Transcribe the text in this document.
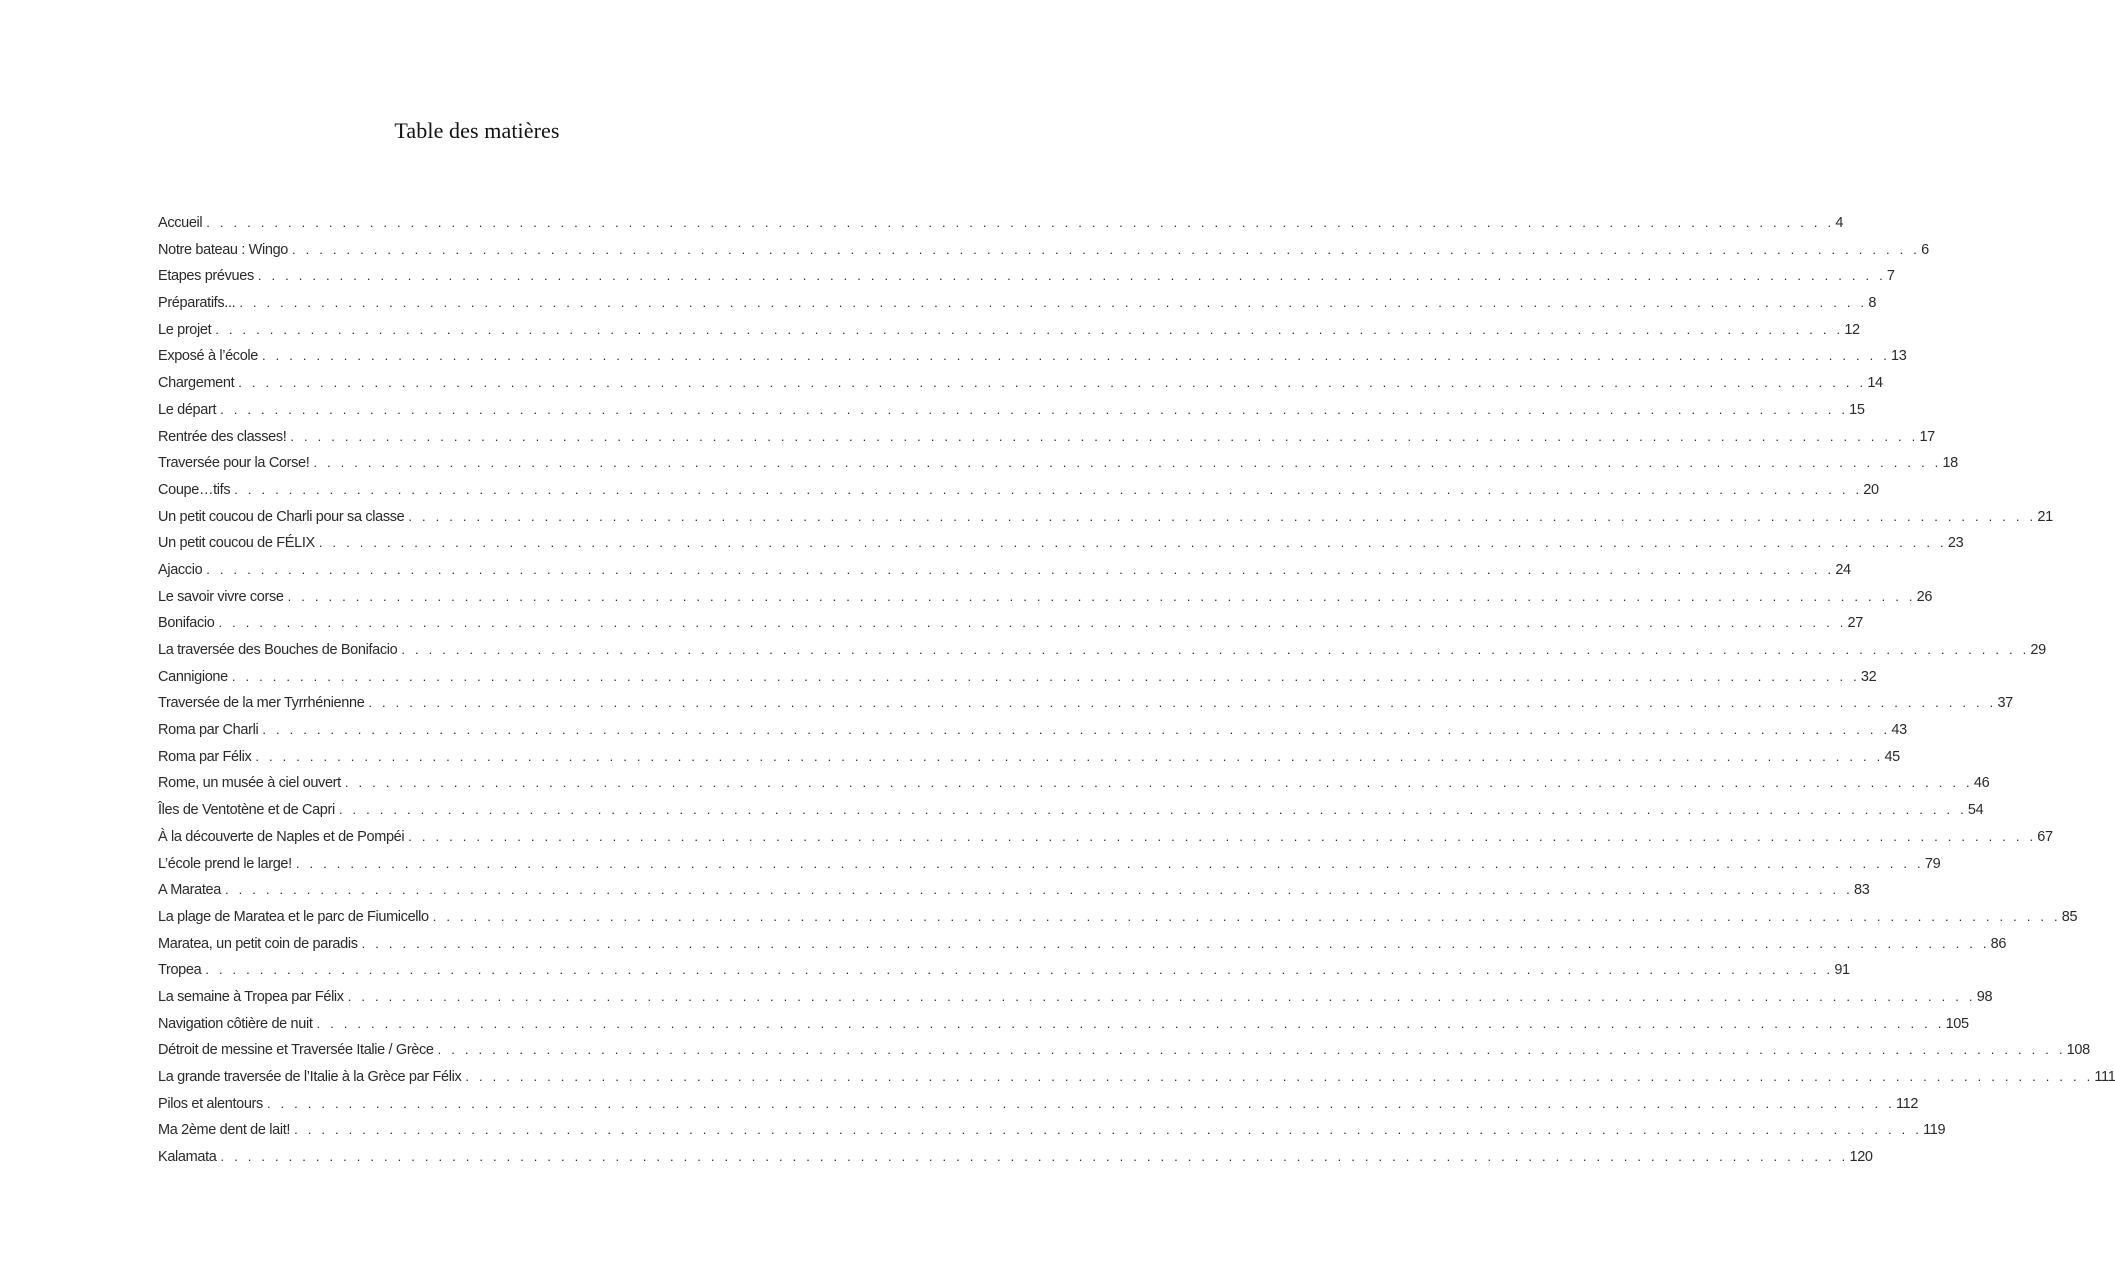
Table des matières
Accueil . . . . . . . . . . . . . . . . . . . . . . . . . . . . . . . . . . . . . . . . . . . . . . . . . . . . . . . . . . . . . . . . . . . . . . . . . . . . . . . . . . . . . . . . . . . . . . . . . . . . . . . . . . . . . . . . . . . . . . . . 4
Notre bateau : Wingo . . . . . . . . . . . . . . . . . . . . . . . . . . . . . . . . . . . . . . . . . . . . . . . . . . . . . . . . . . . . . . . . . . . . . . . . . . . . . . . . . . . . . . . . . . . . . . . . . . . . . . . . . . . . . . . . . . . . . . . . 6
Etapes prévues . . . . . . . . . . . . . . . . . . . . . . . . . . . . . . . . . . . . . . . . . . . . . . . . . . . . . . . . . . . . . . . . . . . . . . . . . . . . . . . . . . . . . . . . . . . . . . . . . . . . . . . . . . . . . . . . . . . . . . . . 7
Préparatifs... . . . . . . . . . . . . . . . . . . . . . . . . . . . . . . . . . . . . . . . . . . . . . . . . . . . . . . . . . . . . . . . . . . . . . . . . . . . . . . . . . . . . . . . . . . . . . . . . . . . . . . . . . . . . . . . . . . . . . . . . 8
Le projet . . . . . . . . . . . . . . . . . . . . . . . . . . . . . . . . . . . . . . . . . . . . . . . . . . . . . . . . . . . . . . . . . . . . . . . . . . . . . . . . . . . . . . . . . . . . . . . . . . . . . . . . . . . . . . . . . . . . . . . . 12
Exposé à l’école . . . . . . . . . . . . . . . . . . . . . . . . . . . . . . . . . . . . . . . . . . . . . . . . . . . . . . . . . . . . . . . . . . . . . . . . . . . . . . . . . . . . . . . . . . . . . . . . . . . . . . . . . . . . . . . . . . . . . . . . 13
Chargement . . . . . . . . . . . . . . . . . . . . . . . . . . . . . . . . . . . . . . . . . . . . . . . . . . . . . . . . . . . . . . . . . . . . . . . . . . . . . . . . . . . . . . . . . . . . . . . . . . . . . . . . . . . . . . . . . . . . . . . . 14
Le départ . . . . . . . . . . . . . . . . . . . . . . . . . . . . . . . . . . . . . . . . . . . . . . . . . . . . . . . . . . . . . . . . . . . . . . . . . . . . . . . . . . . . . . . . . . . . . . . . . . . . . . . . . . . . . . . . . . . . . . . . 15
Rentrée des classes! . . . . . . . . . . . . . . . . . . . . . . . . . . . . . . . . . . . . . . . . . . . . . . . . . . . . . . . . . . . . . . . . . . . . . . . . . . . . . . . . . . . . . . . . . . . . . . . . . . . . . . . . . . . . . . . . . . . . . . . . 17
Traversée pour la Corse! . . . . . . . . . . . . . . . . . . . . . . . . . . . . . . . . . . . . . . . . . . . . . . . . . . . . . . . . . . . . . . . . . . . . . . . . . . . . . . . . . . . . . . . . . . . . . . . . . . . . . . . . . . . . . . . . . . . . . . . . 18
Coupe…tifs . . . . . . . . . . . . . . . . . . . . . . . . . . . . . . . . . . . . . . . . . . . . . . . . . . . . . . . . . . . . . . . . . . . . . . . . . . . . . . . . . . . . . . . . . . . . . . . . . . . . . . . . . . . . . . . . . . . . . . . . 20
Un petit coucou de Charli pour sa classe . . . . . . . . . . . . . . . . . . . . . . . . . . . . . . . . . . . . . . . . . . . . . . . . . . . . . . . . . . . . . . . . . . . . . . . . . . . . . . . . . . . . . . . . . . . . . . . . . . . . . . . . . . . . . . . . . . . . . . . . 21
Un petit coucou de FÉLIX . . . . . . . . . . . . . . . . . . . . . . . . . . . . . . . . . . . . . . . . . . . . . . . . . . . . . . . . . . . . . . . . . . . . . . . . . . . . . . . . . . . . . . . . . . . . . . . . . . . . . . . . . . . . . . . . . . . . . . . . 23
Ajaccio . . . . . . . . . . . . . . . . . . . . . . . . . . . . . . . . . . . . . . . . . . . . . . . . . . . . . . . . . . . . . . . . . . . . . . . . . . . . . . . . . . . . . . . . . . . . . . . . . . . . . . . . . . . . . . . . . . . . . . . . 24
Le savoir vivre corse . . . . . . . . . . . . . . . . . . . . . . . . . . . . . . . . . . . . . . . . . . . . . . . . . . . . . . . . . . . . . . . . . . . . . . . . . . . . . . . . . . . . . . . . . . . . . . . . . . . . . . . . . . . . . . . . . . . . . . . . 26
Bonifacio . . . . . . . . . . . . . . . . . . . . . . . . . . . . . . . . . . . . . . . . . . . . . . . . . . . . . . . . . . . . . . . . . . . . . . . . . . . . . . . . . . . . . . . . . . . . . . . . . . . . . . . . . . . . . . . . . . . . . . . . 27
La traversée des Bouches de Bonifacio . . . . . . . . . . . . . . . . . . . . . . . . . . . . . . . . . . . . . . . . . . . . . . . . . . . . . . . . . . . . . . . . . . . . . . . . . . . . . . . . . . . . . . . . . . . . . . . . . . . . . . . . . . . . . . . . . . . . . . . . 29
Cannigione . . . . . . . . . . . . . . . . . . . . . . . . . . . . . . . . . . . . . . . . . . . . . . . . . . . . . . . . . . . . . . . . . . . . . . . . . . . . . . . . . . . . . . . . . . . . . . . . . . . . . . . . . . . . . . . . . . . . . . . . 32
Traversée de la mer Tyrrhénienne . . . . . . . . . . . . . . . . . . . . . . . . . . . . . . . . . . . . . . . . . . . . . . . . . . . . . . . . . . . . . . . . . . . . . . . . . . . . . . . . . . . . . . . . . . . . . . . . . . . . . . . . . . . . . . . . . . . . . . . . 37
Roma par Charli . . . . . . . . . . . . . . . . . . . . . . . . . . . . . . . . . . . . . . . . . . . . . . . . . . . . . . . . . . . . . . . . . . . . . . . . . . . . . . . . . . . . . . . . . . . . . . . . . . . . . . . . . . . . . . . . . . . . . . . . 43
Roma par Félix . . . . . . . . . . . . . . . . . . . . . . . . . . . . . . . . . . . . . . . . . . . . . . . . . . . . . . . . . . . . . . . . . . . . . . . . . . . . . . . . . . . . . . . . . . . . . . . . . . . . . . . . . . . . . . . . . . . . . . . . 45
Rome, un musée à ciel ouvert . . . . . . . . . . . . . . . . . . . . . . . . . . . . . . . . . . . . . . . . . . . . . . . . . . . . . . . . . . . . . . . . . . . . . . . . . . . . . . . . . . . . . . . . . . . . . . . . . . . . . . . . . . . . . . . . . . . . . . . . 46
Îles de Ventotène et de Capri . . . . . . . . . . . . . . . . . . . . . . . . . . . . . . . . . . . . . . . . . . . . . . . . . . . . . . . . . . . . . . . . . . . . . . . . . . . . . . . . . . . . . . . . . . . . . . . . . . . . . . . . . . . . . . . . . . . . . . . . 54
À la découverte de Naples et de Pompéi . . . . . . . . . . . . . . . . . . . . . . . . . . . . . . . . . . . . . . . . . . . . . . . . . . . . . . . . . . . . . . . . . . . . . . . . . . . . . . . . . . . . . . . . . . . . . . . . . . . . . . . . . . . . . . . . . . . . . . . . 67
L’école prend le large! . . . . . . . . . . . . . . . . . . . . . . . . . . . . . . . . . . . . . . . . . . . . . . . . . . . . . . . . . . . . . . . . . . . . . . . . . . . . . . . . . . . . . . . . . . . . . . . . . . . . . . . . . . . . . . . . . . . . . . . . 79
A Maratea . . . . . . . . . . . . . . . . . . . . . . . . . . . . . . . . . . . . . . . . . . . . . . . . . . . . . . . . . . . . . . . . . . . . . . . . . . . . . . . . . . . . . . . . . . . . . . . . . . . . . . . . . . . . . . . . . . . . . . . . 83
La plage de Maratea et le parc de Fiumicello . . . . . . . . . . . . . . . . . . . . . . . . . . . . . . . . . . . . . . . . . . . . . . . . . . . . . . . . . . . . . . . . . . . . . . . . . . . . . . . . . . . . . . . . . . . . . . . . . . . . . . . . . . . . . . . . . . . . . . . . 85
Maratea, un petit coin de paradis . . . . . . . . . . . . . . . . . . . . . . . . . . . . . . . . . . . . . . . . . . . . . . . . . . . . . . . . . . . . . . . . . . . . . . . . . . . . . . . . . . . . . . . . . . . . . . . . . . . . . . . . . . . . . . . . . . . . . . . . 86
Tropea . . . . . . . . . . . . . . . . . . . . . . . . . . . . . . . . . . . . . . . . . . . . . . . . . . . . . . . . . . . . . . . . . . . . . . . . . . . . . . . . . . . . . . . . . . . . . . . . . . . . . . . . . . . . . . . . . . . . . . . . 91
La semaine à Tropea par Félix . . . . . . . . . . . . . . . . . . . . . . . . . . . . . . . . . . . . . . . . . . . . . . . . . . . . . . . . . . . . . . . . . . . . . . . . . . . . . . . . . . . . . . . . . . . . . . . . . . . . . . . . . . . . . . . . . . . . . . . . 98
Navigation côtière de nuit . . . . . . . . . . . . . . . . . . . . . . . . . . . . . . . . . . . . . . . . . . . . . . . . . . . . . . . . . . . . . . . . . . . . . . . . . . . . . . . . . . . . . . . . . . . . . . . . . . . . . . . . . . . . . . . . . . . . . . . . 105
Détroit de messine et Traversée Italie / Grèce . . . . . . . . . . . . . . . . . . . . . . . . . . . . . . . . . . . . . . . . . . . . . . . . . . . . . . . . . . . . . . . . . . . . . . . . . . . . . . . . . . . . . . . . . . . . . . . . . . . . . . . . . . . . . . . . . . . . . . . . 108
La grande traversée de l’Italie à la Grèce par Félix . . . . . . . . . . . . . . . . . . . . . . . . . . . . . . . . . . . . . . . . . . . . . . . . . . . . . . . . . . . . . . . . . . . . . . . . . . . . . . . . . . . . . . . . . . . . . . . . . . . . . . . . . . . . . . . . . . . . . . . . 111
Pilos et alentours . . . . . . . . . . . . . . . . . . . . . . . . . . . . . . . . . . . . . . . . . . . . . . . . . . . . . . . . . . . . . . . . . . . . . . . . . . . . . . . . . . . . . . . . . . . . . . . . . . . . . . . . . . . . . . . . . . . . . . . . 112
Ma 2ème dent de lait! . . . . . . . . . . . . . . . . . . . . . . . . . . . . . . . . . . . . . . . . . . . . . . . . . . . . . . . . . . . . . . . . . . . . . . . . . . . . . . . . . . . . . . . . . . . . . . . . . . . . . . . . . . . . . . . . . . . . . . . . 119
Kalamata . . . . . . . . . . . . . . . . . . . . . . . . . . . . . . . . . . . . . . . . . . . . . . . . . . . . . . . . . . . . . . . . . . . . . . . . . . . . . . . . . . . . . . . . . . . . . . . . . . . . . . . . . . . . . . . . . . . . . . . . 120
